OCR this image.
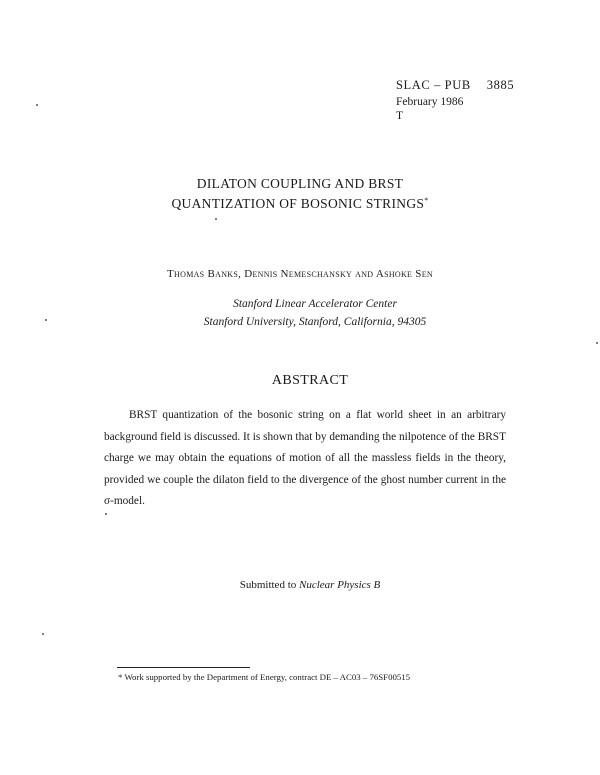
SLAC – PUB 3885
February 1986
T
DILATON COUPLING AND BRST
QUANTIZATION OF BOSONIC STRINGS*
Thomas Banks, Dennis Nemeschansky and Ashoke Sen
Stanford Linear Accelerator Center
Stanford University, Stanford, California, 94305
ABSTRACT
BRST quantization of the bosonic string on a flat world sheet in an arbitrary background field is discussed. It is shown that by demanding the nilpotence of the BRST charge we may obtain the equations of motion of all the massless fields in the theory, provided we couple the dilaton field to the divergence of the ghost number current in the σ-model.
Submitted to Nuclear Physics B
* Work supported by the Department of Energy, contract DE – AC03 – 76SF00515
